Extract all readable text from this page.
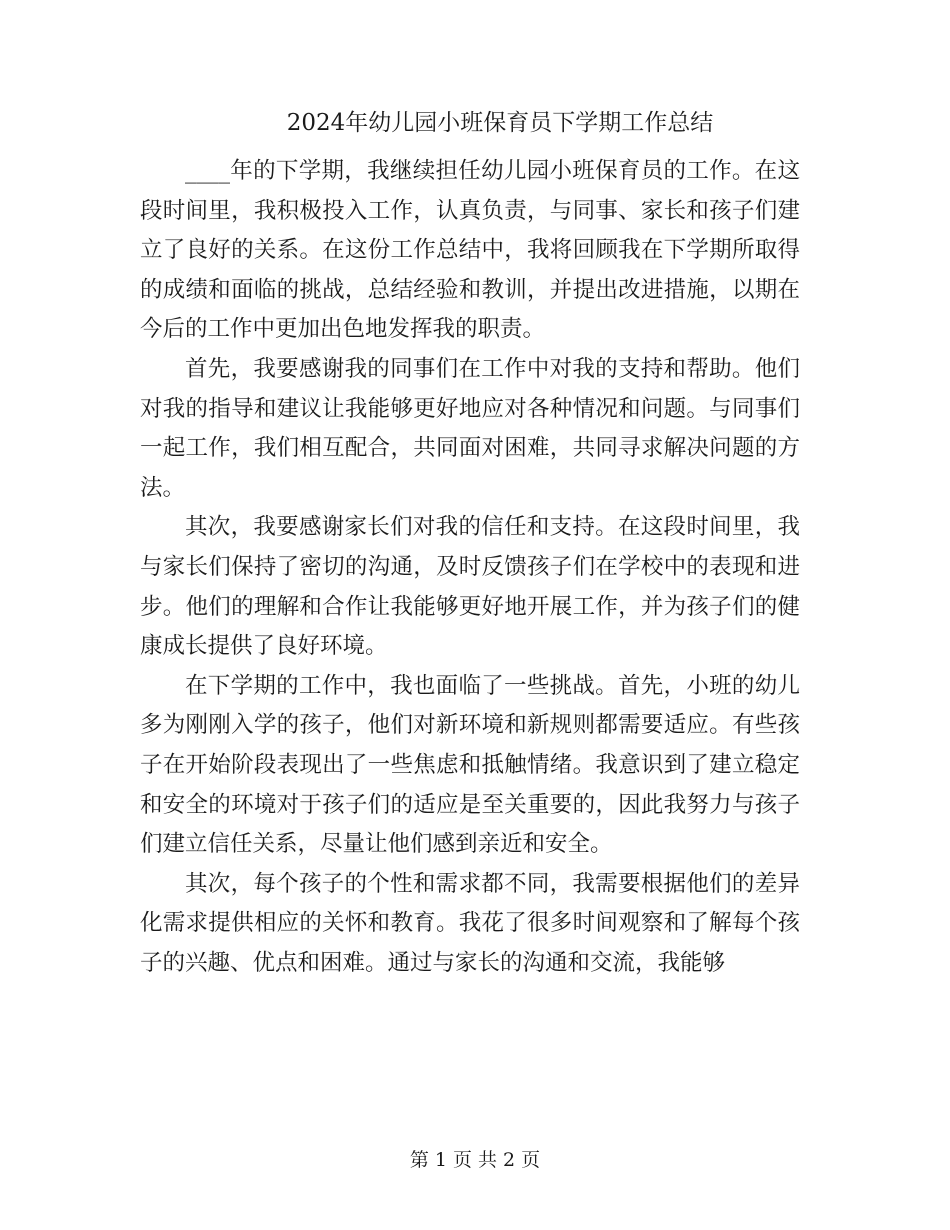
2024年幼儿园小班保育员下学期工作总结

____年的下学期，我继续担任幼儿园小班保育员的工作。在这段时间里，我积极投入工作，认真负责，与同事、家长和孩子们建立了良好的关系。在这份工作总结中，我将回顾我在下学期所取得的成绩和面临的挑战，总结经验和教训，并提出改进措施，以期在今后的工作中更加出色地发挥我的职责。

首先，我要感谢我的同事们在工作中对我的支持和帮助。他们对我的指导和建议让我能够更好地应对各种情况和问题。与同事们一起工作，我们相互配合，共同面对困难，共同寻求解决问题的方法。

其次，我要感谢家长们对我的信任和支持。在这段时间里，我与家长们保持了密切的沟通，及时反馈孩子们在学校中的表现和进步。他们的理解和合作让我能够更好地开展工作，并为孩子们的健康成长提供了良好环境。

在下学期的工作中，我也面临了一些挑战。首先，小班的幼儿多为刚刚入学的孩子，他们对新环境和新规则都需要适应。有些孩子在开始阶段表现出了一些焦虑和抵触情绪。我意识到了建立稳定和安全的环境对于孩子们的适应是至关重要的，因此我努力与孩子们建立信任关系，尽量让他们感到亲近和安全。

其次，每个孩子的个性和需求都不同，我需要根据他们的差异化需求提供相应的关怀和教育。我花了很多时间观察和了解每个孩子的兴趣、优点和困难。通过与家长的沟通和交流，我能够

第 1 页 共 2 页
